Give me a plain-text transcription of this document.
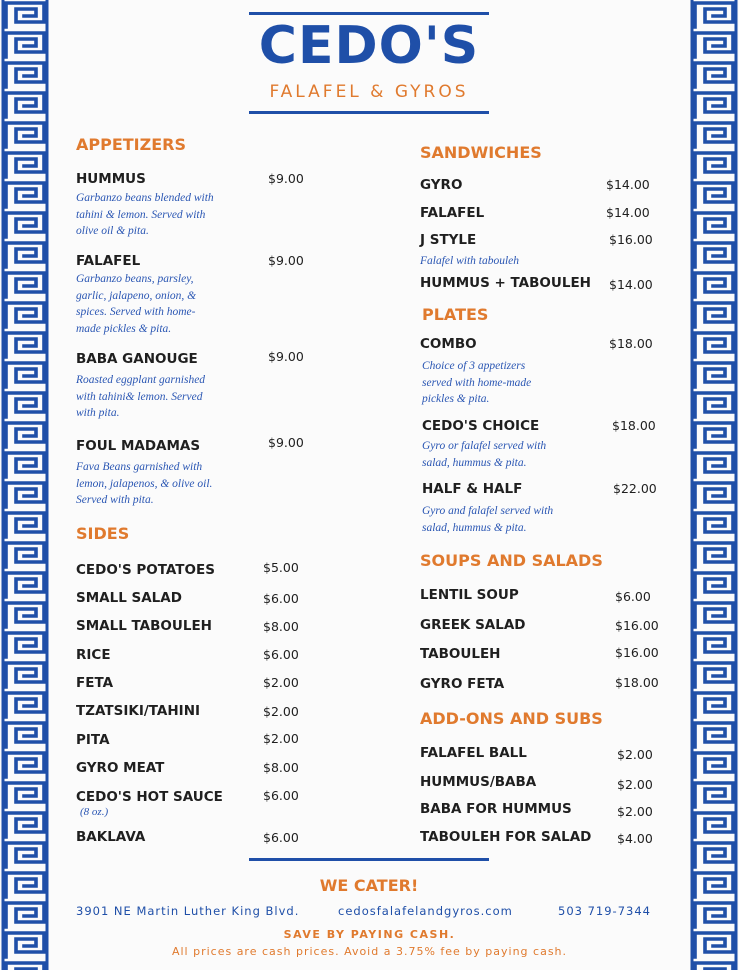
CEDO'S
FALAFEL & GYROS
APPETIZERS
HUMMUS	$9.00
Garbanzo beans blended with
tahini & lemon. Served with
olive oil & pita.
FALAFEL	$9.00
Garbanzo beans, parsley,
garlic, jalapeno, onion, &
spices. Served with home-
made pickles & pita.
BABA GANOUGE	$9.00
Roasted eggplant garnished
with tahini& lemon. Served
with pita.
FOUL MADAMAS	$9.00
Fava Beans garnished with
lemon, jalapenos, & olive oil.
Served with pita.
SIDES
CEDO'S POTATOES	$5.00
SMALL SALAD	$6.00
SMALL TABOULEH	$8.00
RICE	$6.00
FETA	$2.00
TZATSIKI/TAHINI	$2.00
PITA	$2.00
GYRO MEAT	$8.00
CEDO'S HOT SAUCE	$6.00
(8 oz.)
BAKLAVA	$6.00
SANDWICHES
GYRO	$14.00
FALAFEL	$14.00
J STYLE	$16.00
Falafel with tabouleh
HUMMUS + TABOULEH $14.00
PLATES
COMBO	$18.00
Choice of 3 appetizers
served with home-made
pickles & pita.
CEDO'S CHOICE	$18.00
Gyro or falafel served with
salad, hummus & pita.
HALF & HALF	$22.00
Gyro and falafel served with
salad, hummus & pita.
SOUPS AND SALADS
LENTIL SOUP	$6.00
GREEK SALAD	$16.00
TABOULEH	$16.00
GYRO FETA	$18.00
ADD-ONS AND SUBS
FALAFEL BALL	$2.00
HUMMUS/BABA	$2.00
BABA FOR HUMMUS	$2.00
TABOULEH FOR SALAD $4.00
WE CATER!
3901 NE Martin Luther King Blvd.	cedosfalafelandgyros.com	503 719-7344
SAVE BY PAYING CASH.
All prices are cash prices. Avoid a 3.75% fee by paying cash.
